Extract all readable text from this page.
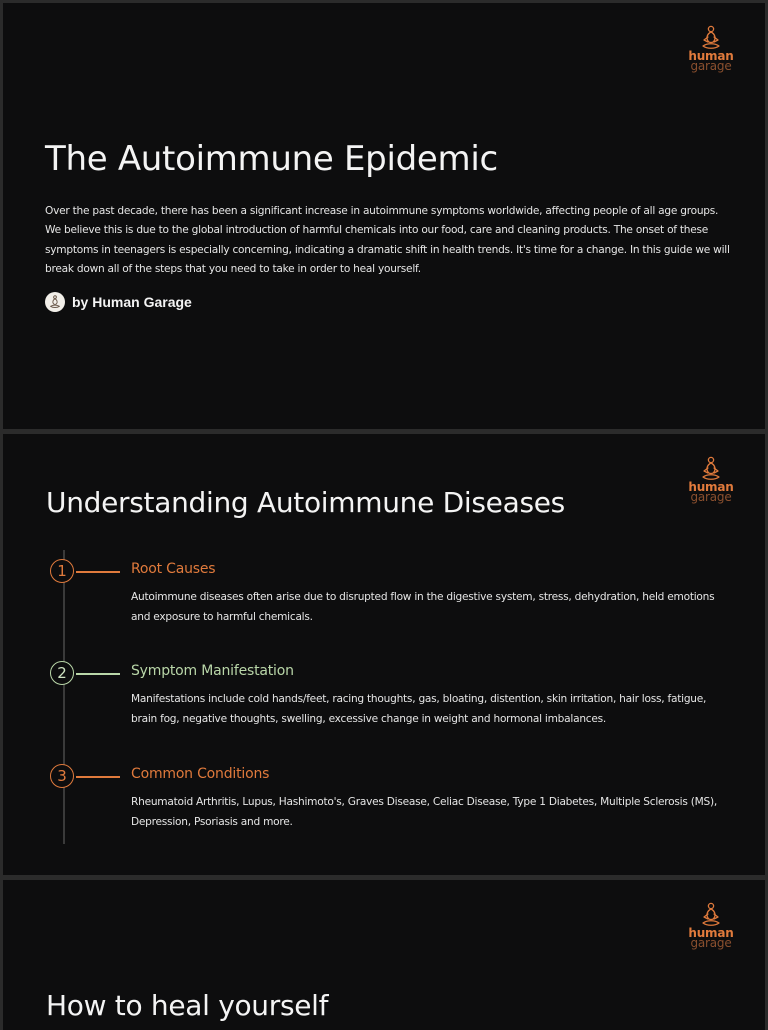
human
garage
The Autoimmune Epidemic

Over the past decade, there has been a significant increase in autoimmune symptoms worldwide, affecting people of all age groups. We believe this is due to the global introduction of harmful chemicals into our food, care and cleaning products. The onset of these symptoms in teenagers is especially concerning, indicating a dramatic shift in health trends. It's time for a change. In this guide we will break down all of the steps that you need to take in order to heal yourself.

by Human Garage
human
garage
Understanding Autoimmune Diseases
1	Root Causes

Autoimmune diseases often arise due to disrupted flow in the digestive system, stress, dehydration, held emotions and exposure to harmful chemicals.

2	Symptom Manifestation

Manifestations include cold hands/feet, racing thoughts, gas, bloating, distention, skin irritation, hair loss, fatigue, brain fog, negative thoughts, swelling, excessive change in weight and hormonal imbalances.

3	Common Conditions

Rheumatoid Arthritis, Lupus, Hashimoto's, Graves Disease, Celiac Disease, Type 1 Diabetes, Multiple Sclerosis (MS), Depression, Psoriasis and more.

human
garage
How to heal yourself
